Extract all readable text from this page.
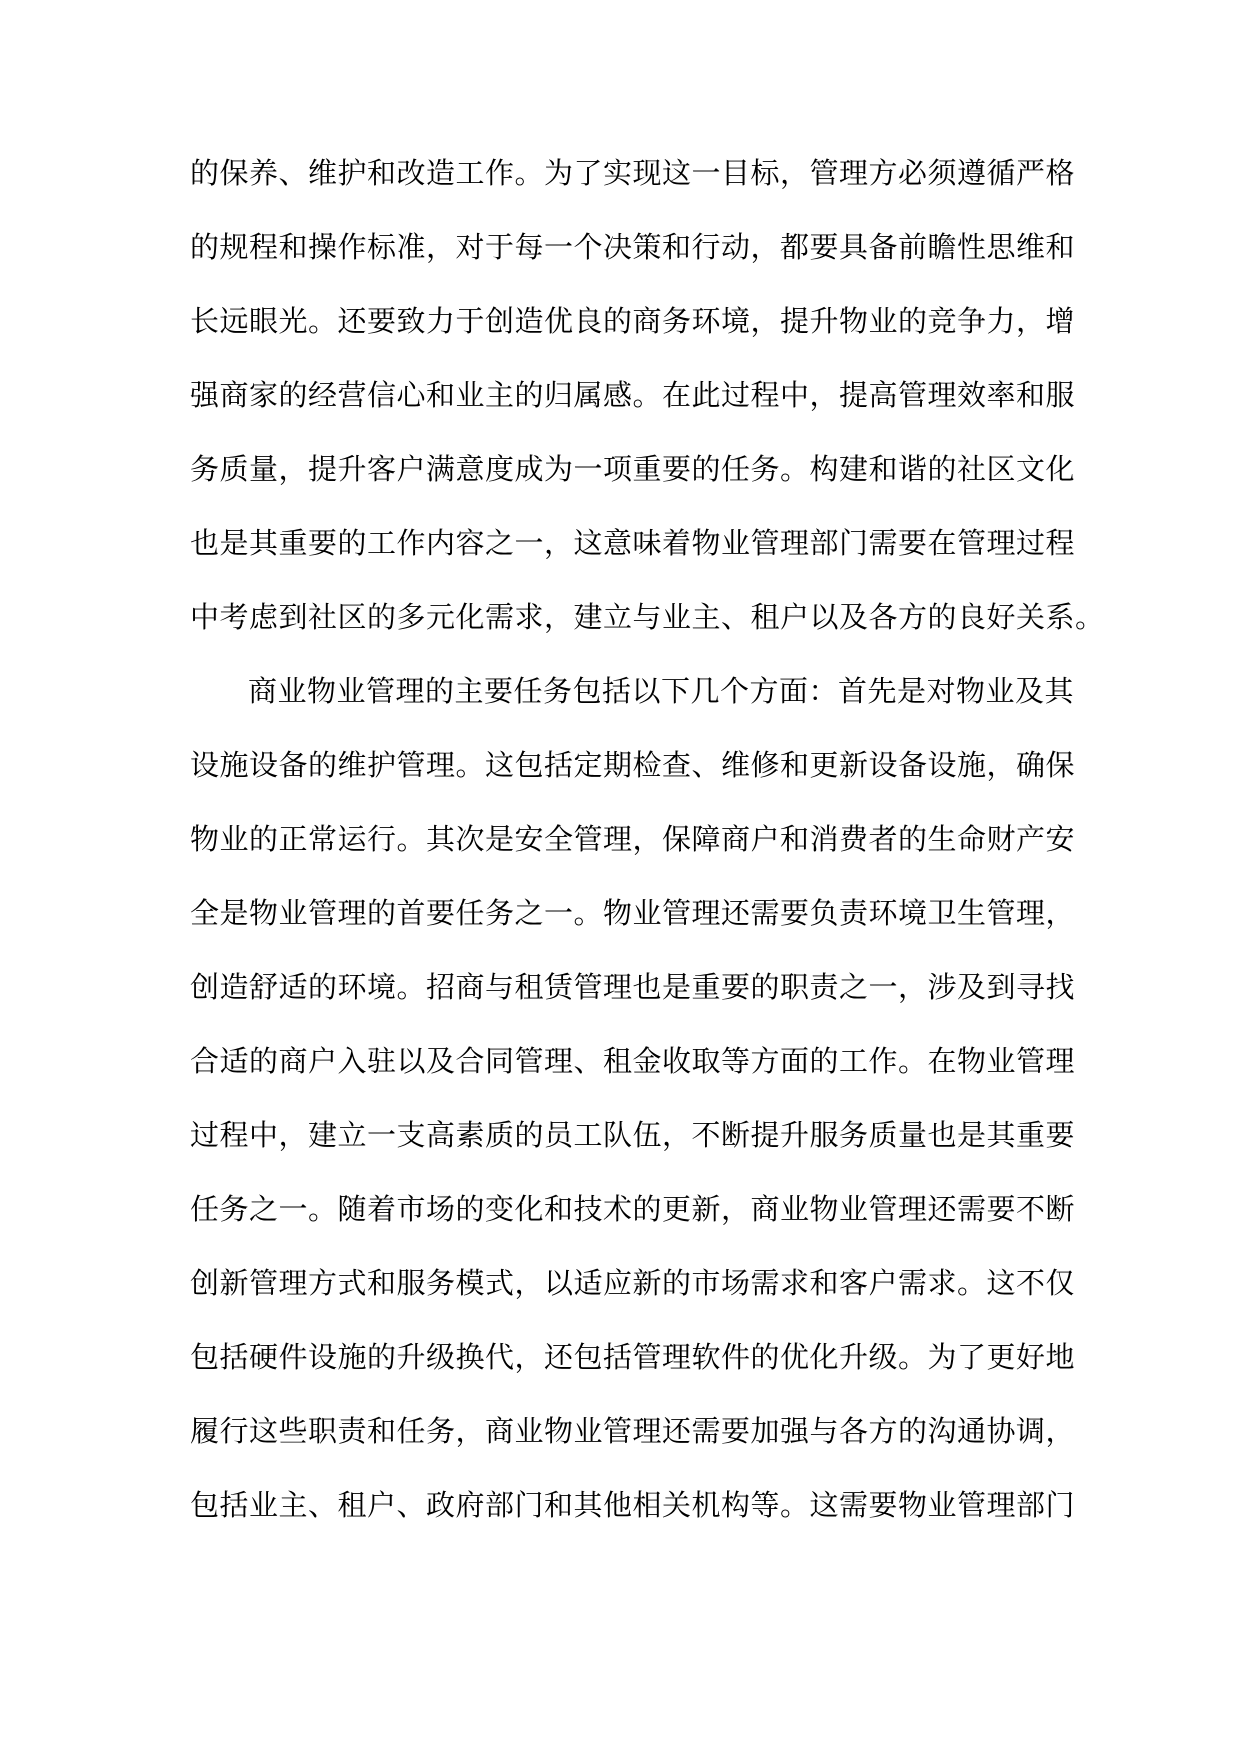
的保养、维护和改造工作。为了实现这一目标，管理方必须遵循严格
的规程和操作标准，对于每一个决策和行动，都要具备前瞻性思维和
长远眼光。还要致力于创造优良的商务环境，提升物业的竞争力，增
强商家的经营信心和业主的归属感。在此过程中，提高管理效率和服
务质量，提升客户满意度成为一项重要的任务。构建和谐的社区文化
也是其重要的工作内容之一，这意味着物业管理部门需要在管理过程
中考虑到社区的多元化需求，建立与业主、租户以及各方的良好关系。
商业物业管理的主要任务包括以下几个方面：首先是对物业及其
设施设备的维护管理。这包括定期检查、维修和更新设备设施，确保
物业的正常运行。其次是安全管理，保障商户和消费者的生命财产安
全是物业管理的首要任务之一。物业管理还需要负责环境卫生管理，
创造舒适的环境。招商与租赁管理也是重要的职责之一，涉及到寻找
合适的商户入驻以及合同管理、租金收取等方面的工作。在物业管理
过程中，建立一支高素质的员工队伍，不断提升服务质量也是其重要
任务之一。随着市场的变化和技术的更新，商业物业管理还需要不断
创新管理方式和服务模式，以适应新的市场需求和客户需求。这不仅
包括硬件设施的升级换代，还包括管理软件的优化升级。为了更好地
履行这些职责和任务，商业物业管理还需要加强与各方的沟通协调，
包括业主、租户、政府部门和其他相关机构等。这需要物业管理部门
